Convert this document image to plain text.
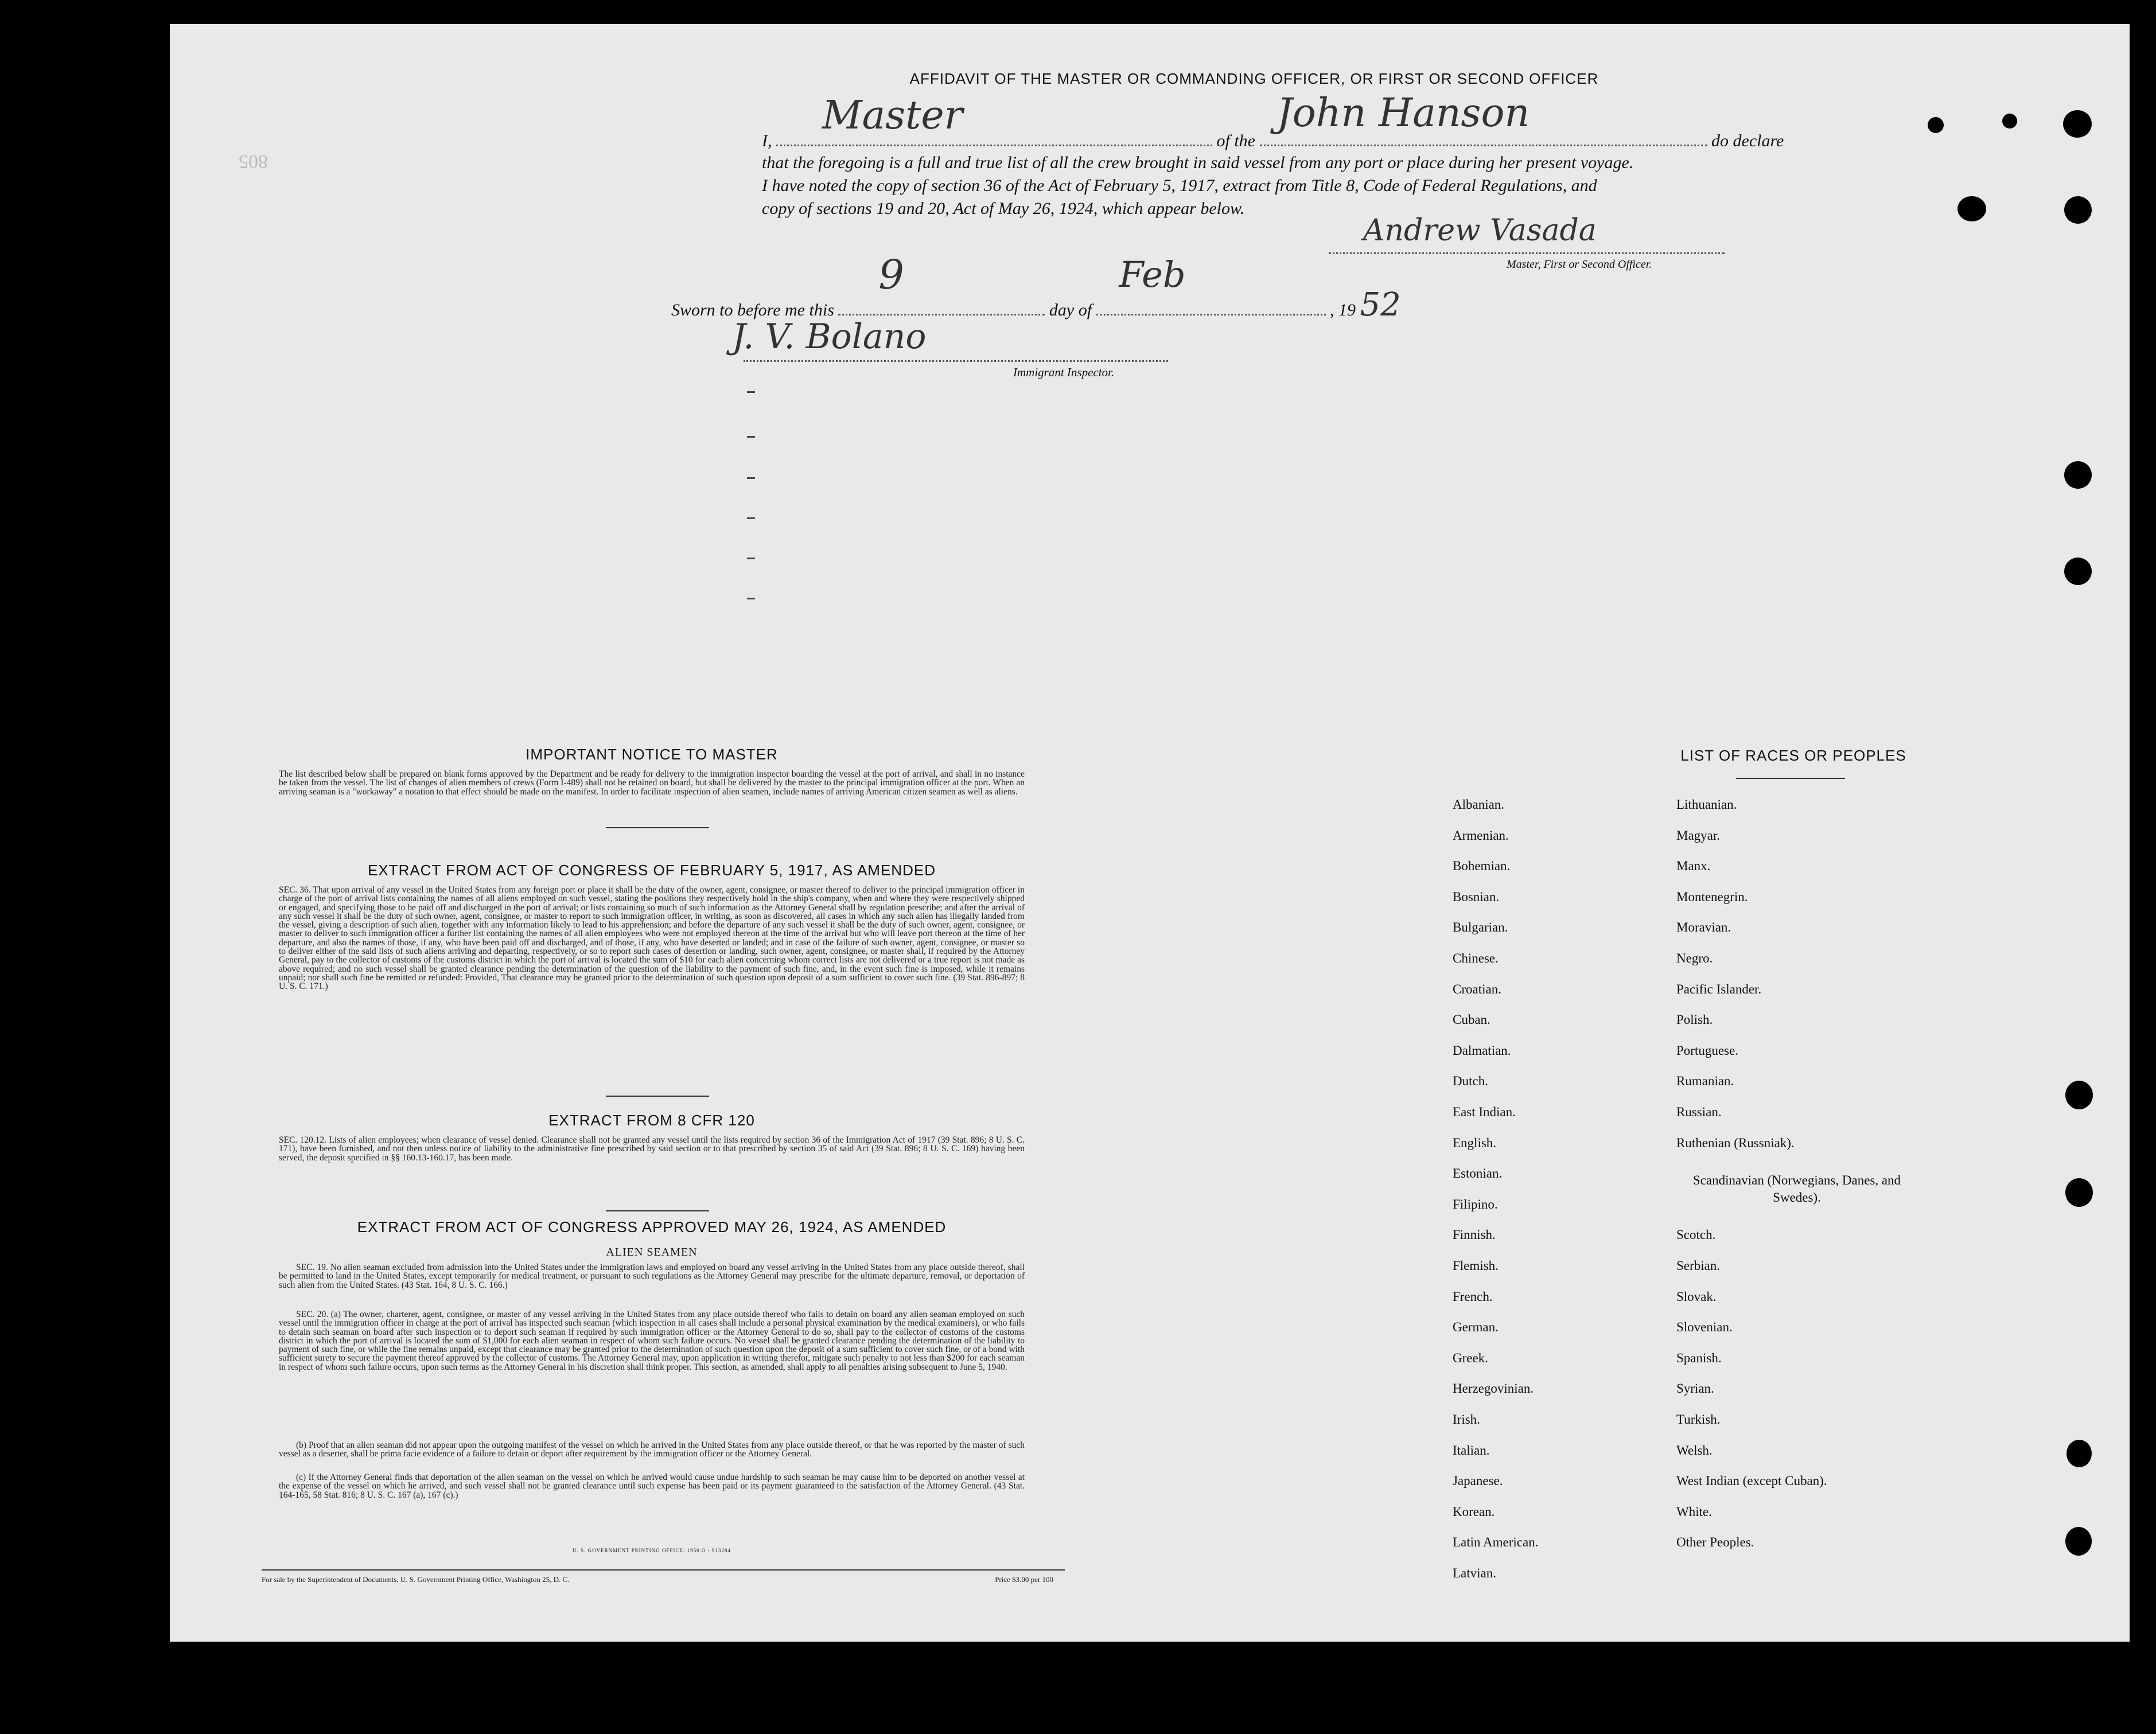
805
AFFIDAVIT OF THE MASTER OR COMMANDING OFFICER, OR FIRST OR SECOND OFFICER
I,
Master
of the
John Hanson
do declare
that the foregoing is a full and true list of all the crew brought in said vessel from any port or place during her present voyage.
I have noted the copy of section 36 of the Act of February 5, 1917, extract from Title 8, Code of Federal Regulations, and
copy of sections 19 and 20, Act of May 26, 1924, which appear below.
Andrew Vasada
Master, First or Second Officer.
Sworn to before me this
9
day of
Feb
, 19 52
J. V. Bolano
Immigrant Inspector.
IMPORTANT NOTICE TO MASTER
The list described below shall be prepared on blank forms approved by the Department and be ready for delivery to the immigration inspector boarding the vessel at the port of arrival, and shall in no instance be taken from the vessel. The list of changes of alien members of crews (Form I-489) shall not be retained on board, but shall be delivered by the master to the principal immigration officer at the port. When an arriving seaman is a "workaway" a notation to that effect should be made on the manifest. In order to facilitate inspection of alien seamen, include names of arriving American citizen seamen as well as aliens.
EXTRACT FROM ACT OF CONGRESS OF FEBRUARY 5, 1917, AS AMENDED
SEC. 36. That upon arrival of any vessel in the United States from any foreign port or place it shall be the duty of the owner, agent, consignee, or master thereof to deliver to the principal immigration officer in charge of the port of arrival lists containing the names of all aliens employed on such vessel, stating the positions they respectively hold in the ship's company, when and where they were respectively shipped or engaged, and specifying those to be paid off and discharged in the port of arrival; or lists containing so much of such information as the Attorney General shall by regulation prescribe; and after the arrival of any such vessel it shall be the duty of such owner, agent, consignee, or master to report to such immigration officer, in writing, as soon as discovered, all cases in which any such alien has illegally landed from the vessel, giving a description of such alien, together with any information likely to lead to his apprehension; and before the departure of any such vessel it shall be the duty of such owner, agent, consignee, or master to deliver to such immigration officer a further list containing the names of all alien employees who were not employed thereon at the time of the arrival but who will leave port thereon at the time of her departure, and also the names of those, if any, who have been paid off and discharged, and of those, if any, who have deserted or landed; and in case of the failure of such owner, agent, consignee, or master so to deliver either of the said lists of such aliens arriving and departing, respectively, or so to report such cases of desertion or landing, such owner, agent, consignee, or master shall, if required by the Attorney General, pay to the collector of customs of the customs district in which the port of arrival is located the sum of $10 for each alien concerning whom correct lists are not delivered or a true report is not made as above required; and no such vessel shall be granted clearance pending the determination of the question of the liability to the payment of such fine, and, in the event such fine is imposed, while it remains unpaid; nor shall such fine be remitted or refunded: Provided, That clearance may be granted prior to the determination of such question upon deposit of a sum sufficient to cover such fine. (39 Stat. 896-897; 8 U. S. C. 171.)
EXTRACT FROM 8 CFR 120
SEC. 120.12. Lists of alien employees; when clearance of vessel denied. Clearance shall not be granted any vessel until the lists required by section 36 of the Immigration Act of 1917 (39 Stat. 896; 8 U. S. C. 171), have been furnished, and not then unless notice of liability to the administrative fine prescribed by said section or to that prescribed by section 35 of said Act (39 Stat. 896; 8 U. S. C. 169) having been served, the deposit specified in §§ 160.13-160.17, has been made.
EXTRACT FROM ACT OF CONGRESS APPROVED MAY 26, 1924, AS AMENDED
ALIEN SEAMEN
SEC. 19. No alien seaman excluded from admission into the United States under the immigration laws and employed on board any vessel arriving in the United States from any place outside thereof, shall be permitted to land in the United States, except temporarily for medical treatment, or pursuant to such regulations as the Attorney General may prescribe for the ultimate departure, removal, or deportation of such alien from the United States. (43 Stat. 164, 8 U. S. C. 166.)
SEC. 20. (a) The owner, charterer, agent, consignee, or master of any vessel arriving in the United States from any place outside thereof who fails to detain on board any alien seaman employed on such vessel until the immigration officer in charge at the port of arrival has inspected such seaman (which inspection in all cases shall include a personal physical examination by the medical examiners), or who fails to detain such seaman on board after such inspection or to deport such seaman if required by such immigration officer or the Attorney General to do so, shall pay to the collector of customs of the customs district in which the port of arrival is located the sum of $1,000 for each alien seaman in respect of whom such failure occurs. No vessel shall be granted clearance pending the determination of the liability to payment of such fine, or while the fine remains unpaid, except that clearance may be granted prior to the determination of such question upon the deposit of a sum sufficient to cover such fine, or of a bond with sufficient surety to secure the payment thereof approved by the collector of customs. The Attorney General may, upon application in writing therefor, mitigate such penalty to not less than $200 for each seaman in respect of whom such failure occurs, upon such terms as the Attorney General in his discretion shall think proper. This section, as amended, shall apply to all penalties arising subsequent to June 5, 1940.
(b) Proof that an alien seaman did not appear upon the outgoing manifest of the vessel on which he arrived in the United States from any place outside thereof, or that he was reported by the master of such vessel as a deserter, shall be prima facie evidence of a failure to detain or deport after requirement by the immigration officer or the Attorney General.
(c) If the Attorney General finds that deportation of the alien seaman on the vessel on which he arrived would cause undue hardship to such seaman he may cause him to be deported on another vessel at the expense of the vessel on which he arrived, and such vessel shall not be granted clearance until such expense has been paid or its payment guaranteed to the satisfaction of the Attorney General. (43 Stat. 164-165, 58 Stat. 816; 8 U. S. C. 167 (a), 167 (c).)
U. S. GOVERNMENT PRINTING OFFICE: 1950 O - 913284
For sale by the Superintendent of Documents, U. S. Government Printing Office, Washington 25, D. C.	Price $3.00 per 100
LIST OF RACES OR PEOPLES
Albanian.
Armenian.
Bohemian.
Bosnian.
Bulgarian.
Chinese.
Croatian.
Cuban.
Dalmatian.
Dutch.
East Indian.
English.
Estonian.
Filipino.
Finnish.
Flemish.
French.
German.
Greek.
Herzegovinian.
Irish.
Italian.
Japanese.
Korean.
Latin American.
Latvian.
Lithuanian.
Magyar.
Manx.
Montenegrin.
Moravian.
Negro.
Pacific Islander.
Polish.
Portuguese.
Rumanian.
Russian.
Ruthenian (Russniak).
Scandinavian (Norwegians, Danes, and Swedes).
Scotch.
Serbian.
Slovak.
Slovenian.
Spanish.
Syrian.
Turkish.
Welsh.
West Indian (except Cuban).
White.
Other Peoples.
